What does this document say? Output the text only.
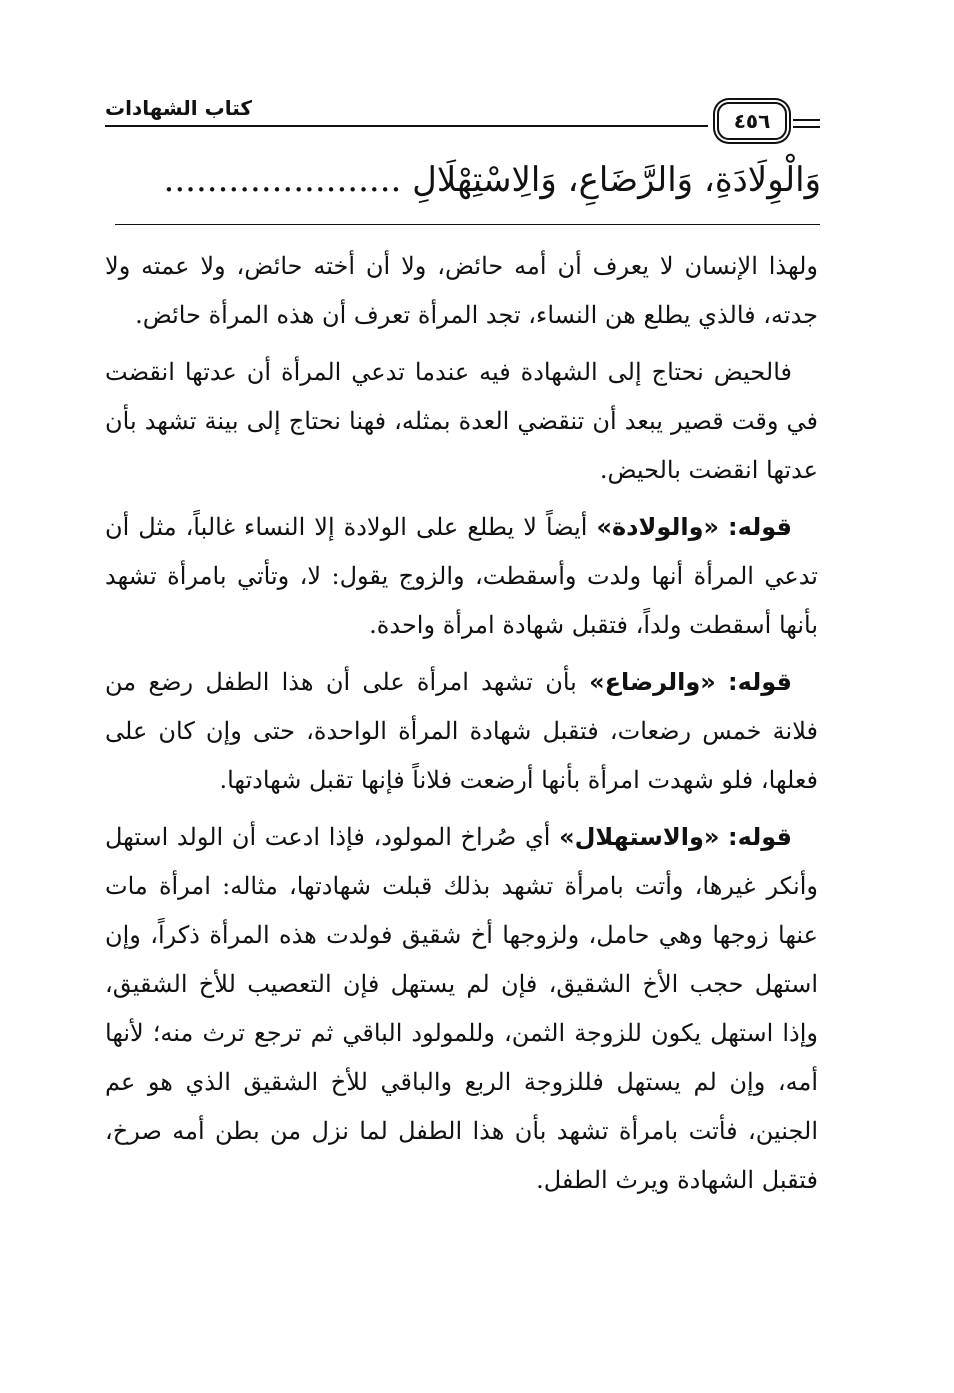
كتاب الشهادات
٤٥٦
وَالْوِلَادَةِ، وَالرَّضَاعِ، وَالِاسْتِهْلَالِ ......................

ولهذا الإنسان لا يعرف أن أمه حائض، ولا أن أخته حائض، ولا عمته ولا جدته، فالذي يطلع هن النساء، تجد المرأة تعرف أن هذه المرأة حائض.

فالحيض نحتاج إلى الشهادة فيه عندما تدعي المرأة أن عدتها انقضت في وقت قصير يبعد أن تنقضي العدة بمثله، فهنا نحتاج إلى بينة تشهد بأن عدتها انقضت بالحيض.

قوله: «والولادة» أيضاً لا يطلع على الولادة إلا النساء غالباً، مثل أن تدعي المرأة أنها ولدت وأسقطت، والزوج يقول: لا، وتأتي بامرأة تشهد بأنها أسقطت ولداً، فتقبل شهادة امرأة واحدة.

قوله: «والرضاع» بأن تشهد امرأة على أن هذا الطفل رضع من فلانة خمس رضعات، فتقبل شهادة المرأة الواحدة، حتى وإن كان على فعلها، فلو شهدت امرأة بأنها أرضعت فلاناً فإنها تقبل شهادتها.

قوله: «والاستهلال» أي صُراخ المولود، فإذا ادعت أن الولد استهل وأنكر غيرها، وأتت بامرأة تشهد بذلك قبلت شهادتها، مثاله: امرأة مات عنها زوجها وهي حامل، ولزوجها أخ شقيق فولدت هذه المرأة ذكراً، وإن استهل حجب الأخ الشقيق، فإن لم يستهل فإن التعصيب للأخ الشقيق، وإذا استهل يكون للزوجة الثمن، وللمولود الباقي ثم ترجع ترث منه؛ لأنها أمه، وإن لم يستهل فللزوجة الربع والباقي للأخ الشقيق الذي هو عم الجنين، فأتت بامرأة تشهد بأن هذا الطفل لما نزل من بطن أمه صرخ، فتقبل الشهادة ويرث الطفل.
